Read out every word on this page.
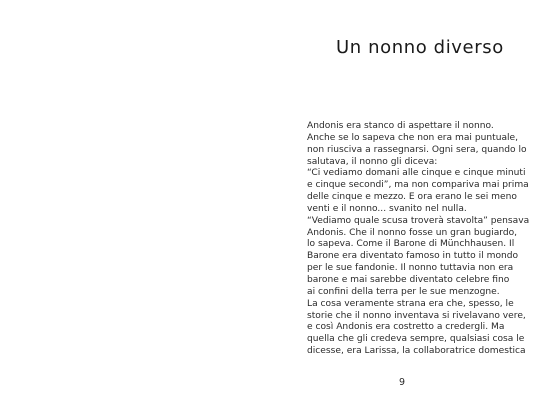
Un nonno diverso
Andonis era stanco di aspettare il nonno.
Anche se lo sapeva che non era mai puntuale,
non riusciva a rassegnarsi. Ogni sera, quando lo
salutava, il nonno gli diceva:
“Ci vediamo domani alle cinque e cinque minuti
e cinque secondi”, ma non compariva mai prima
delle cinque e mezzo. E ora erano le sei meno
venti e il nonno... svanito nel nulla.
“Vediamo quale scusa troverà stavolta” pensava
Andonis. Che il nonno fosse un gran bugiardo,
lo sapeva. Come il Barone di Münchhausen. Il
Barone era diventato famoso in tutto il mondo
per le sue fandonie. Il nonno tuttavia non era
barone e mai sarebbe diventato celebre fino
ai confini della terra per le sue menzogne.
La cosa veramente strana era che, spesso, le
storie che il nonno inventava si rivelavano vere,
e così Andonis era costretto a credergli. Ma
quella che gli credeva sempre, qualsiasi cosa le
dicesse, era Larissa, la collaboratrice domestica
9
